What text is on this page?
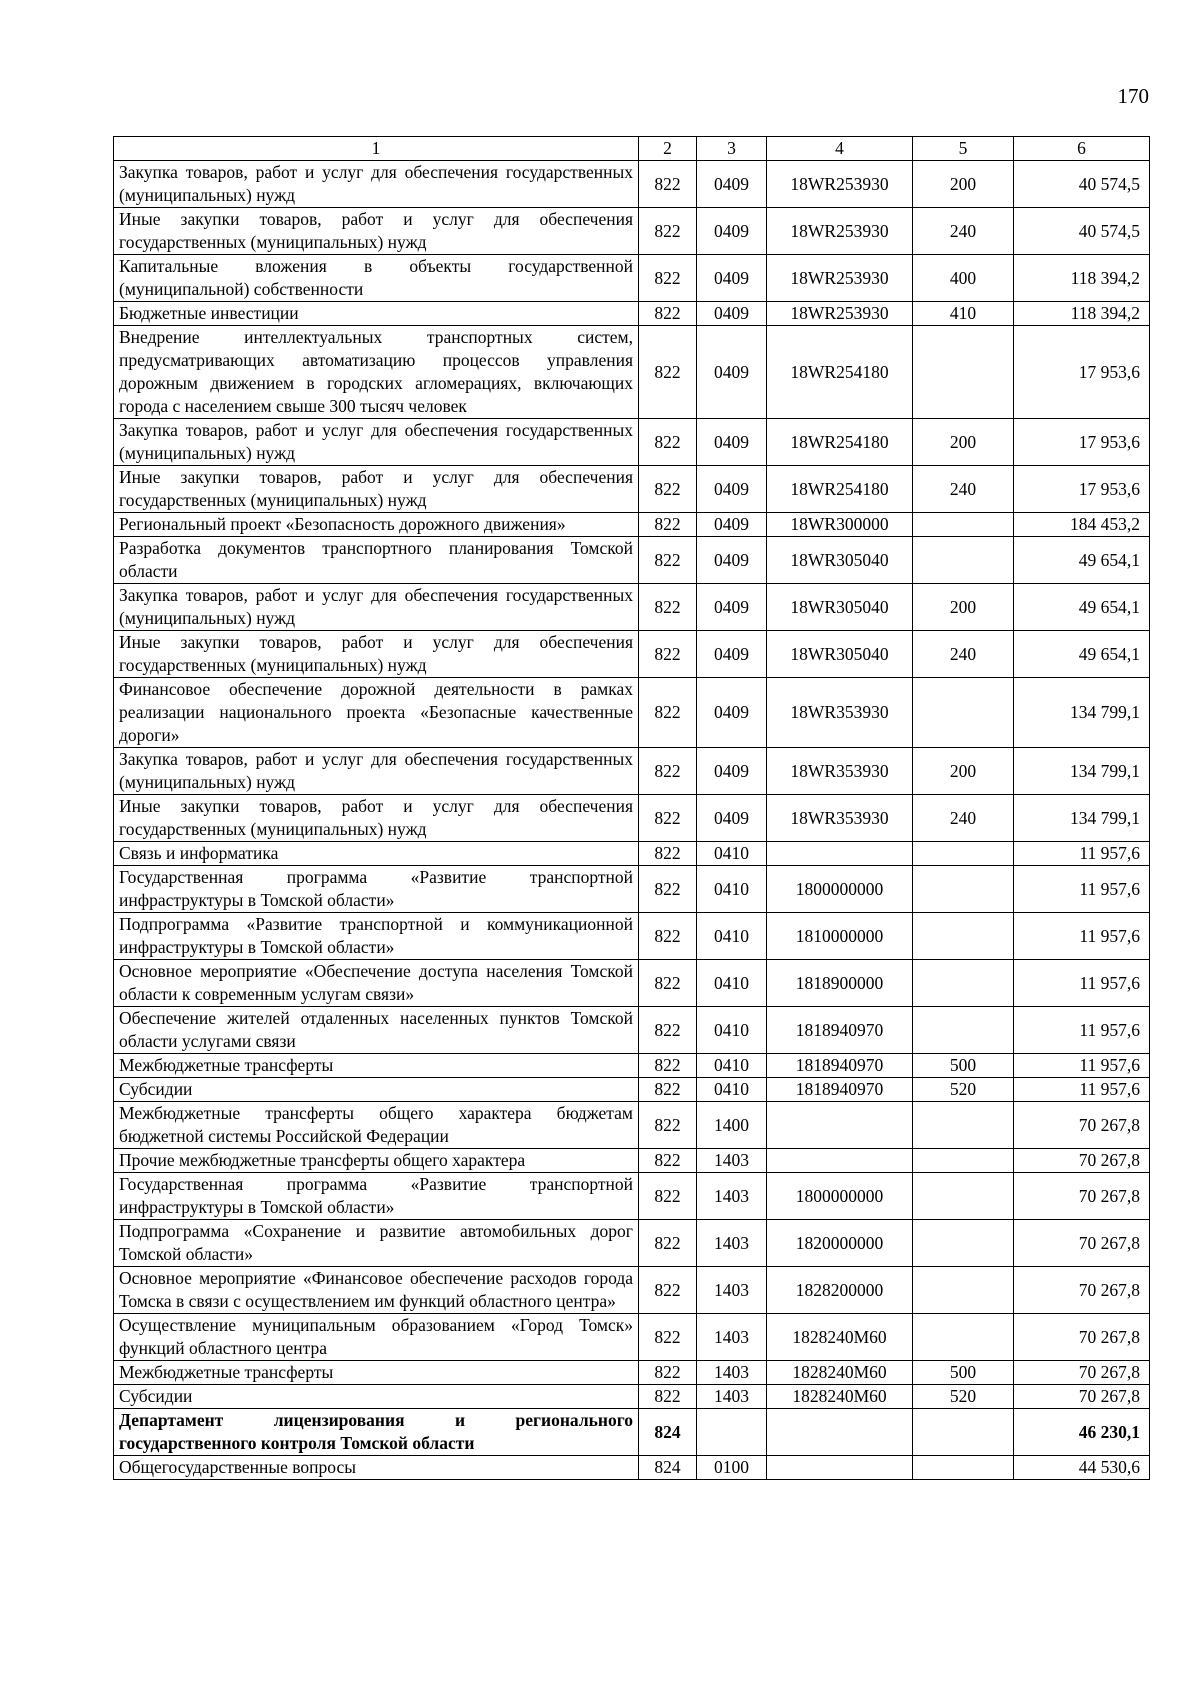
170
1	2	3	4	5	6
Закупка товаров, работ и услуг для обеспечения государственных (муниципальных) нужд	822	0409	18WR253930	200	40 574,5
Иные закупки товаров, работ и услуг для обеспечения государственных (муниципальных) нужд	822	0409	18WR253930	240	40 574,5
Капитальные вложения в объекты государственной (муниципальной) собственности	822	0409	18WR253930	400	118 394,2
Бюджетные инвестиции	822	0409	18WR253930	410	118 394,2
Внедрение интеллектуальных транспортных систем, предусматривающих автоматизацию процессов управления дорожным движением в городских агломерациях, включающих города с населением свыше 300 тысяч человек	822	0409	18WR254180		17 953,6
Закупка товаров, работ и услуг для обеспечения государственных (муниципальных) нужд	822	0409	18WR254180	200	17 953,6
Иные закупки товаров, работ и услуг для обеспечения государственных (муниципальных) нужд	822	0409	18WR254180	240	17 953,6
Региональный проект «Безопасность дорожного движения»	822	0409	18WR300000		184 453,2
Разработка документов транспортного планирования Томской области	822	0409	18WR305040		49 654,1
Закупка товаров, работ и услуг для обеспечения государственных (муниципальных) нужд	822	0409	18WR305040	200	49 654,1
Иные закупки товаров, работ и услуг для обеспечения государственных (муниципальных) нужд	822	0409	18WR305040	240	49 654,1
Финансовое обеспечение дорожной деятельности в рамках реализации национального проекта «Безопасные качественные дороги»	822	0409	18WR353930		134 799,1
Закупка товаров, работ и услуг для обеспечения государственных (муниципальных) нужд	822	0409	18WR353930	200	134 799,1
Иные закупки товаров, работ и услуг для обеспечения государственных (муниципальных) нужд	822	0409	18WR353930	240	134 799,1
Связь и информатика	822	0410			11 957,6
Государственная программа «Развитие транспортной инфраструктуры в Томской области»	822	0410	1800000000		11 957,6
Подпрограмма «Развитие транспортной и коммуникационной инфраструктуры в Томской области»	822	0410	1810000000		11 957,6
Основное мероприятие «Обеспечение доступа населения Томской области к современным услугам связи»	822	0410	1818900000		11 957,6
Обеспечение жителей отдаленных населенных пунктов Томской области услугами связи	822	0410	1818940970		11 957,6
Межбюджетные трансферты	822	0410	1818940970	500	11 957,6
Субсидии	822	0410	1818940970	520	11 957,6
Межбюджетные трансферты общего характера бюджетам бюджетной системы Российской Федерации	822	1400			70 267,8
Прочие межбюджетные трансферты общего характера	822	1403			70 267,8
Государственная программа «Развитие транспортной инфраструктуры в Томской области»	822	1403	1800000000		70 267,8
Подпрограмма «Сохранение и развитие автомобильных дорог Томской области»	822	1403	1820000000		70 267,8
Основное мероприятие «Финансовое обеспечение расходов города Томска в связи с осуществлением им функций областного центра»	822	1403	1828200000		70 267,8
Осуществление муниципальным образованием «Город Томск» функций областного центра	822	1403	1828240М60		70 267,8
Межбюджетные трансферты	822	1403	1828240М60	500	70 267,8
Субсидии	822	1403	1828240М60	520	70 267,8
Департамент лицензирования и регионального государственного контроля Томской области	824				46 230,1
Общегосударственные вопросы	824	0100			44 530,6
